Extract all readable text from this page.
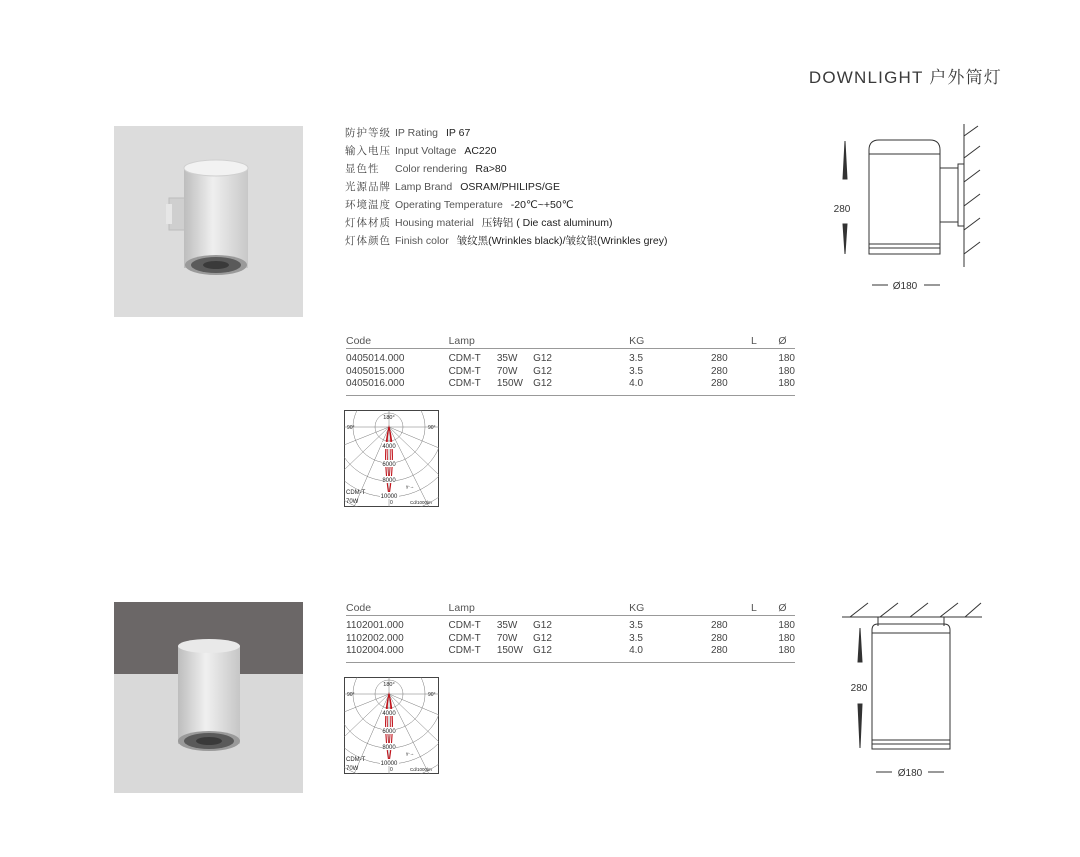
DOWNLIGHT 户外筒灯
防护等级 IP Rating IP 67
输入电压 Input Voltage AC220
显色性 Color rendering Ra>80
光源品牌 Lamp Brand OSRAM/PHILIPS/GE
环境温度 Operating Temperature -20℃~+50℃
灯体材质 Housing material 压铸铝 ( Die cast aluminum)
灯体颜色 Finish color 皱纹黑(Wrinkles black)/皱纹银(Wrinkles grey)
Code	Lamp			KG	L	Ø
0405014.000	CDM-T	35W	G12	3.5	280	180
0405015.000	CDM-T	70W	G12	3.5	280	180
0405016.000	CDM-T	150W	G12	4.0	280	180
Code	Lamp			KG	L	Ø
1102001.000	CDM-T	35W	G12	3.5	280	180
1102002.000	CDM-T	70W	G12	3.5	280	180
1102004.000	CDM-T	150W	G12	4.0	280	180
180°
90°	90°
4000
6000
8000
10000
γ-→
CDM-T
70W	0	Cd/1000lm
180°
90°	90°
4000
6000
8000
10000
γ-→
CDM-T
70W	0	Cd/1000lm
280
Ø180
280
Ø180
